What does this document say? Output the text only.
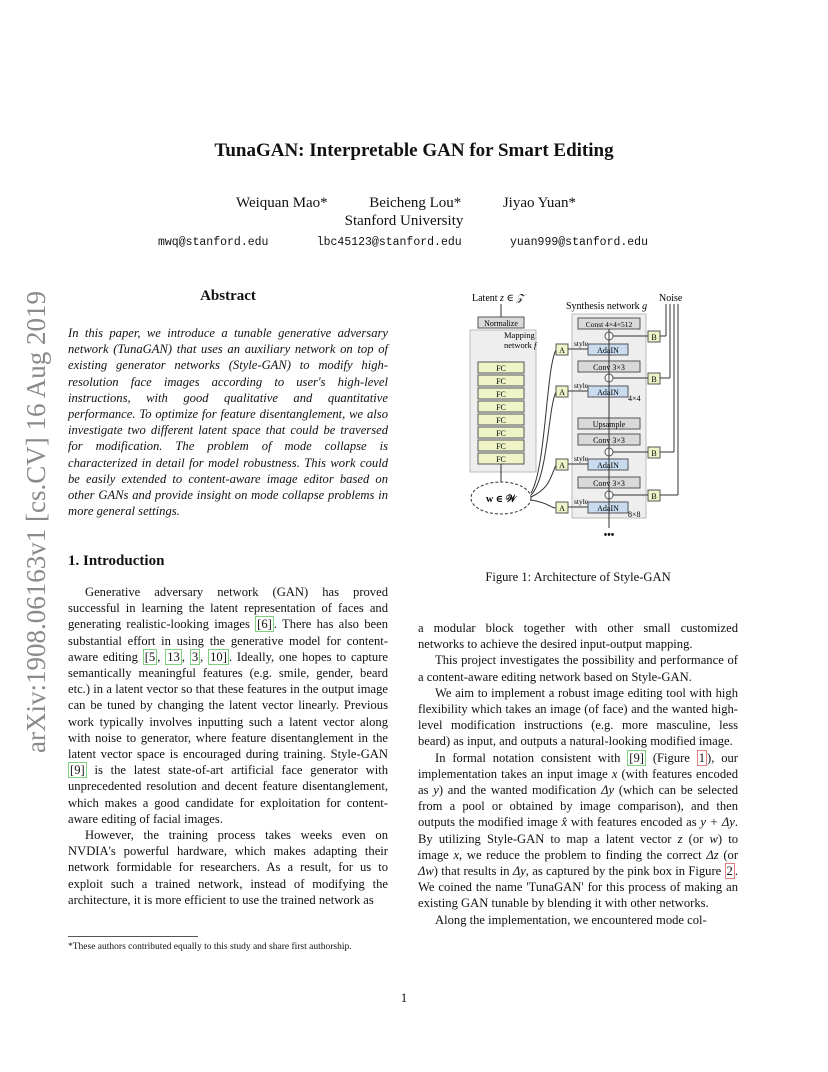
TunaGAN: Interpretable GAN for Smart Editing
Weiquan Mao*	Beicheng Lou*	Jiyao Yuan*
Stanford University
mwq@stanford.edu	lbc45123@stanford.edu	yuan999@stanford.edu
arXiv:1908.06163v1 [cs.CV] 16 Aug 2019	Abstract
In this paper, we introduce a tunable generative adversary network (TunaGAN) that uses an auxiliary network on top of existing generator networks (Style-GAN) to modify high-resolution face images according to user's high-level instructions, with good qualitative and quantitative performance. To optimize for feature disentanglement, we also investigate two different latent space that could be traversed for modification. The problem of mode collapse is characterized in detail for model robustness. This work could be easily extended to content-aware image editor based on other GANs and provide insight on mode collapse problems in more general settings.
1. Introduction

Generative adversary network (GAN) has proved successful in learning the latent representation of faces and generating realistic-looking images [6] . There has also been substantial effort in using the generative model for content-aware editing [5 , 13 , 3 , 10] . Ideally, one hopes to capture semantically meaningful features (e.g. smile, gender, beard etc.) in a latent vector so that these features in the output image can be tuned by changing the latent vector linearly. Previous work typically involves inputting such a latent vector along with noise to generator, where feature disentanglement in the latent vector space is encouraged during training. Style-GAN [9] is the latest state-of-art artificial face generator with unprecedented resolution and decent feature disentanglement, which makes a good candidate for exploitation for content-aware editing of facial images.

However, the training process takes weeks even on NVDIA's powerful hardware, which makes adapting their network formidable for researchers. As a result, for us to exploit such a trained network, instead of modifying the architecture, it is more efficient to use the trained network as

*These authors contributed equally to this study and share first authorship.
Latent z ∈ 𝒵
Synthesis network g
Noise
Normalize
Mapping
network f
FC
FC
FC
FC
FC
FC
FC
FC
w ∈ 𝒲
A
A
A
A
Const 4×4×512
style
AdaIN
Conv 3×3
style
AdaIN
4×4
Upsample
Conv 3×3
style
AdaIN
Conv 3×3
style
AdaIN
8×8
•••
B
B
B
B
Figure 1: Architecture of Style-GAN

a modular block together with other small customized networks to achieve the desired input-output mapping.

This project investigates the possibility and performance of a content-aware editing network based on Style-GAN.

We aim to implement a robust image editing tool with high flexibility which takes an image (of face) and the wanted high-level modification instructions (e.g. more masculine, less beard) as input, and outputs a natural-looking modified image.

In formal notation consistent with [9] (Figure 1 ), our implementation takes an input image x (with features encoded as y) and the wanted modification Δy (which can be selected from a pool or obtained by image comparison), and then outputs the modified image x̂ with features encoded as y + Δy. By utilizing Style-GAN to map a latent vector z (or w) to image x, we reduce the problem to finding the correct Δz (or Δw) that results in Δy, as captured by the pink box in Figure 2 . We coined the name 'TunaGAN' for this process of making an existing GAN tunable by blending it with other networks.

Along the implementation, we encountered mode col-

1
